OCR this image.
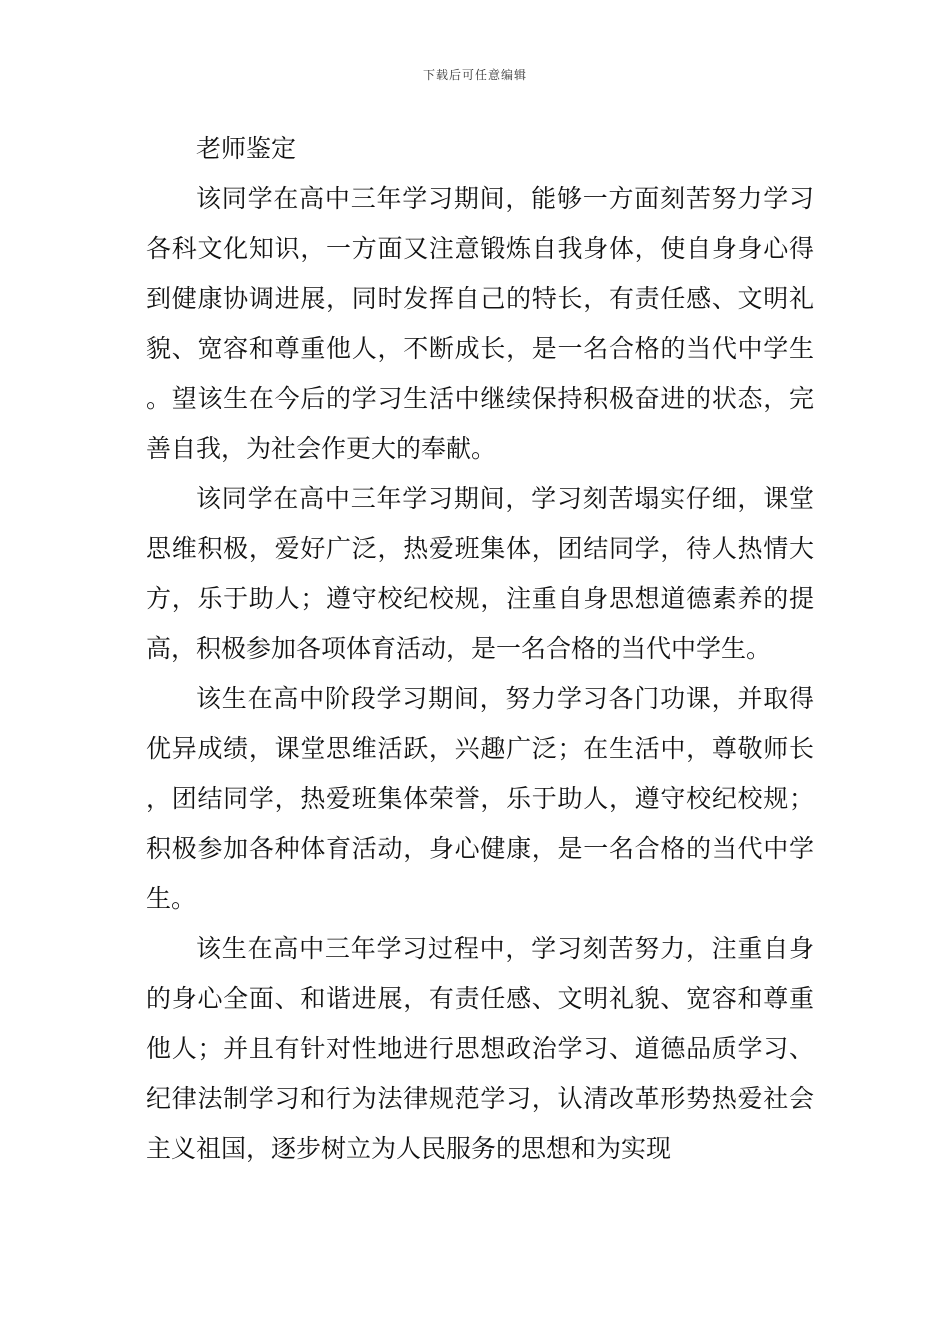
下载后可任意编辑
老师鉴定

该同学在高中三年学习期间，能够一方面刻苦努力学习各科文化知识，一方面又注意锻炼自我身体，使自身身心得到健康协调进展，同时发挥自己的特长，有责任感、文明礼貌、宽容和尊重他人，不断成长，是一名合格的当代中学生。望该生在今后的学习生活中继续保持积极奋进的状态，完善自我，为社会作更大的奉献。

该同学在高中三年学习期间，学习刻苦塌实仔细，课堂思维积极，爱好广泛，热爱班集体，团结同学，待人热情大方，乐于助人；遵守校纪校规，注重自身思想道德素养的提高，积极参加各项体育活动，是一名合格的当代中学生。

该生在高中阶段学习期间，努力学习各门功课，并取得优异成绩，课堂思维活跃，兴趣广泛；在生活中，尊敬师长，团结同学，热爱班集体荣誉，乐于助人，遵守校纪校规；积极参加各种体育活动，身心健康，是一名合格的当代中学生。

该生在高中三年学习过程中，学习刻苦努力，注重自身的身心全面、和谐进展，有责任感、文明礼貌、宽容和尊重他人；并且有针对性地进行思想政治学习、道德品质学习、纪律法制学习和行为法律规范学习，认清改革形势热爱社会主义祖国，逐步树立为人民服务的思想和为实现
